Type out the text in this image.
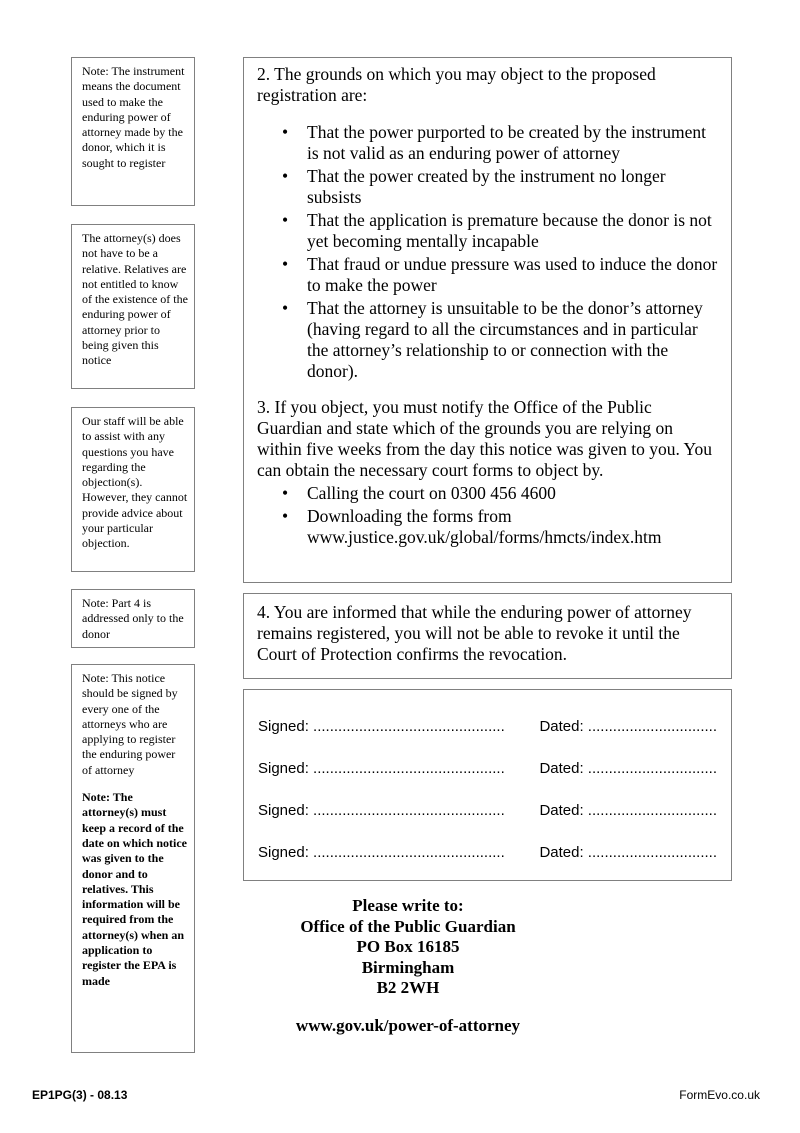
Note: The instrument means the document used to make the enduring power of attorney made by the donor, which it is sought to register
The attorney(s) does not have to be a relative. Relatives are not entitled to know of the existence of the enduring power of attorney prior to being given this notice
Our staff will be able to assist with any questions you have regarding the objection(s). However, they cannot provide advice about your particular objection.
Note: Part 4 is addressed only to the donor
Note: This notice should be signed by every one of the attorneys who are applying to register the enduring power of attorney
Note: The attorney(s) must keep a record of the date on which notice was given to the donor and to relatives. This information will be required from the attorney(s) when an application to register the EPA is made

2. The grounds on which you may object to the proposed registration are:

• That the power purported to be created by the instrument is not valid as an enduring power of attorney
• That the power created by the instrument no longer subsists
• That the application is premature because the donor is not yet becoming mentally incapable
• That fraud or undue pressure was used to induce the donor to make the power
• That the attorney is unsuitable to be the donor’s attorney (having regard to all the circumstances and in particular the attorney’s relationship to or connection with the donor).

3. If you object, you must notify the Office of the Public Guardian and state which of the grounds you are relying on within five weeks from the day this notice was given to you. You can obtain the necessary court forms to object by.

• Calling the court on 0300 456 4600
• Downloading the forms from www.justice.gov.uk/global/forms/hmcts/index.htm

4. You are informed that while the enduring power of attorney remains registered, you will not be able to revoke it until the Court of Protection confirms the revocation.

Signed: .............................................. Dated: ...............................
Signed: .............................................. Dated: ...............................
Signed: .............................................. Dated: ...............................
Signed: .............................................. Dated: ...............................
Please write to:
Office of the Public Guardian
PO Box 16185
Birmingham
B2 2WH
www.gov.uk/power-of-attorney
EP1PG(3) - 08.13	FormEvo.co.uk
